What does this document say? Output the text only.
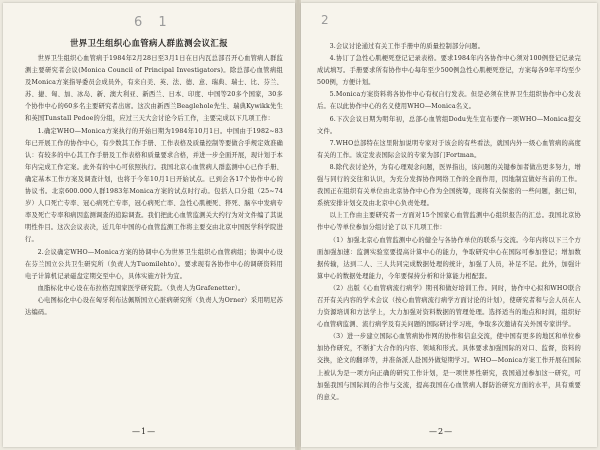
6 1
世界卫生组织心血管病人群监测会议汇报

世界卫生组织心血管病于1984年2月28日至3月1日在日内瓦总部召开心血管病人群监测主要研究者会议(Monica Council of Principal Investigators)。除总部心血管病组及Monica方案指导委员会成员外，有来自美、英、法、德、意、瑞典、瑞士、比、芬兰、苏、捷、匈、加、冰岛、新、澳大利亚、新西兰、日本、印度、中国等20多个国家，30多个协作中心的60多名主要研究者出席。这次由新西兰Beaglehole先生、瑞典Kywikk先生和英国Tunstall Pedoe的分组，应过三天大会讨论今后工作，主要完成以下几项工作：

1.确定WHO—Monica方案执行的开始日期为1984年10月1日。中国由于1982~83年已开展工作的协作中心，有少数其工作手册、工作表格及质量控制等要做合乎规定效准确认：有较多的中心其工作手册及工作表格和质量要求合格，并进一步全面开展，现计划于本年内完成工作定案。此外有的中心可依照执行。我国北京心血管病人群监测中心已作手册、确定基本工作方案及调查计划，也将于今年10月1日开始试点。已到会各17个协作中心的协议书。北京600.000人群1983年Monica方案的试点时行动。包括人口分组（25~74岁）人口死亡专率、冠心病死亡专率，冠心病死亡率、急性心肌梗死、猝死、脑卒中发病专率及死亡专率和病因监测调查的追踪调查。我们把此心血管监测关大约行为对文件编了其说明性件目。这次会议表决，近几年中国的心血管监测工作将主要交由北京中国医学科学院进行。

2.会议确定WHO—Monica方案的协调中心为世界卫生组织心血管病组；协调中心设在芬兰国立公共卫生研究所（负责人为Tuomilehto）。要求现有各协作中心的调研资料用电子计算机记录磁盘定期交至中心，具体实施方针为宜。

血脂标化中心设在布拉格克国家医学研究院。（负责人为Grafenetter）。

心电图标化中心设在匈牙利布达佩斯国立心脏病研究所（负责人为Orner）采用明尼苏达编码。

—1—
2

3.会议讨论通过有关工作手册中的质量控制部分问题。

4.协订了急性心肌梗死登记记录表格。要求1984年内各协作中心须对100例登记记录完成试填写。手册要求所有协作中心每年至少500例急性心肌梗死登记，方案每各9年平均至少500例，方便计划。

5.Monica方案资料将各协作中心有权自行发表。但是必须在世界卫生组织协作中心发表后。在以此协作中心的名义使用WHO—Monica名义。

6.下次会议日期为明年初，总部心血管组Dodu先生宣布要作一项WHO—Monica提交文件。

7.WHO总部特在这里附加说明专家对于该会的有些看法，就国内外一级心血管病的高度有关的工作。该定发表国际会议的专家为部门Fortman。

8.除代表讨论外，为有心理观念问题，医界指出，该问题的关键参加者做出更多努力，增强与同行的交往和认识，为充分发挥协作网络工作的全面作用，因地制宜做好当前的工作。我国正在组织有关单位由北京协作中心作为全国统筹，现将有关保密的一些问题，据已知，系统安排计划交及由北京中心负责处理。

以上工作由主要研究者一方面对15个国家心血管监测中心组织报告的汇总。我国北京协作中心等单位参加分组讨论了以下几项工作：

（1）加强北京心血管监测中心的健全与各协作单位的联系与交流。今年内将以下三个方面加强加速：监测实验室要提高计算中心的能力，争取研究中心在国际可参加登记；增加数据传输，达到二人、三人共同完成数据处理的统计，加强了人员，补足不足。此外，加强计算中心的数据处理能力，今年要保持分析和计算能力相配套。

（2）出版《心血管病流行病学》期刊和做好培训工作。同时，协作中心拟和WHO联合召开有关内容的学术会议（按心血管病流行病学方面讨论的计划），使研究者和与会人员在人力资源培训和方法学上，大力加强对资料数据的管理处理。选择适当的地点和时间，组织好心血管病监测、流行病学及有关问题的国际研讨学习班，争取多次邀请有关外国专家讲学。

（3）进一步建立国际心血管病协作网的协作和信息交流，使中国有更多的地区和单位参加协作研究，不断扩大合作的内容、领域和形式。具体要求加强国际的对口、监督，资料的交换，论文的翻译等，并准备派人赴国外做短期学习。WHO—Monica方案工作开展在国际上被认为是一项方向正确的研究工作计划，是一项世界性研究，我国通过参加这一研究，可加强我国与国际间的合作与交流，提高我国在心血管病人群防治研究方面的水平，具有重要的意义。

—2—
